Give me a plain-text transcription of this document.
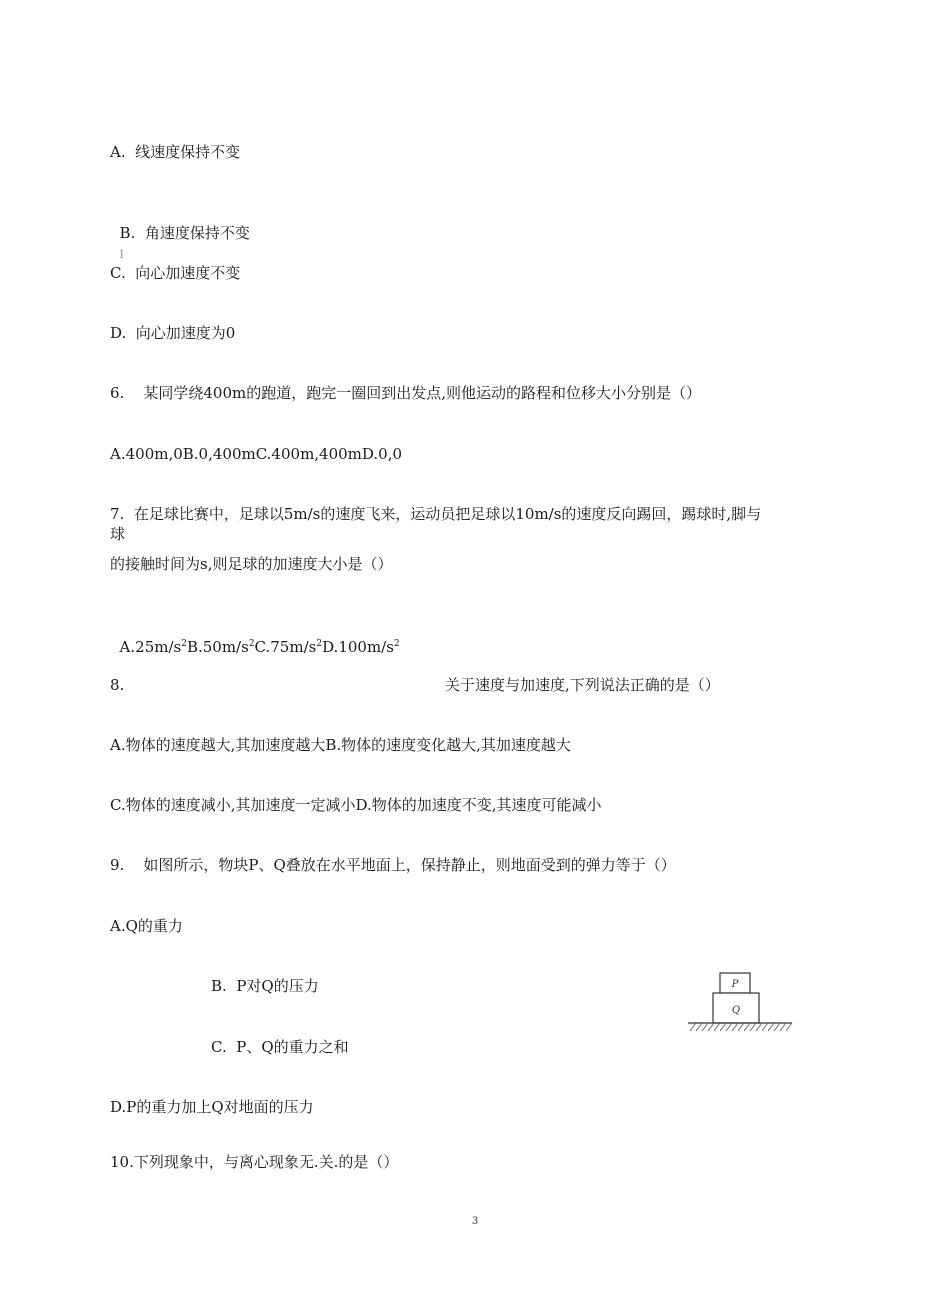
A.  线速度保持不变

B.  角速度保持不变
I

C.  向心加速度不变
D.  向心加速度为0
6.    某同学绕400m的跑道，跑完一圈回到出发点,则他运动的路程和位移大小分别是（）
A.400m,0B.0,400mC.400m,400mD.0,0
7.  在足球比赛中，足球以5m/s的速度飞来，运动员把足球以10m/s的速度反向踢回，踢球时,脚与
球
的接触时间为s,则足球的加速度大小是（）

$A.25m/s^2B.50m/s^2C.75m/s^2D.100m/s^2$

8.	关于速度与加速度,下列说法正确的是（）
A.物体的速度越大,其加速度越大B.物体的速度变化越大,其加速度越大
C.物体的速度减小,其加速度一定减小D.物体的加速度不变,其速度可能减小
9.    如图所示，物块P、Q叠放在水平地面上，保持静止，则地面受到的弹力等于（）
A.Q的重力
B.  P对Q的压力
C.  P、Q的重力之和
D.P的重力加上Q对地面的压力
P
Q
10.下列现象中，与离心现象无.关.的是（）
3
